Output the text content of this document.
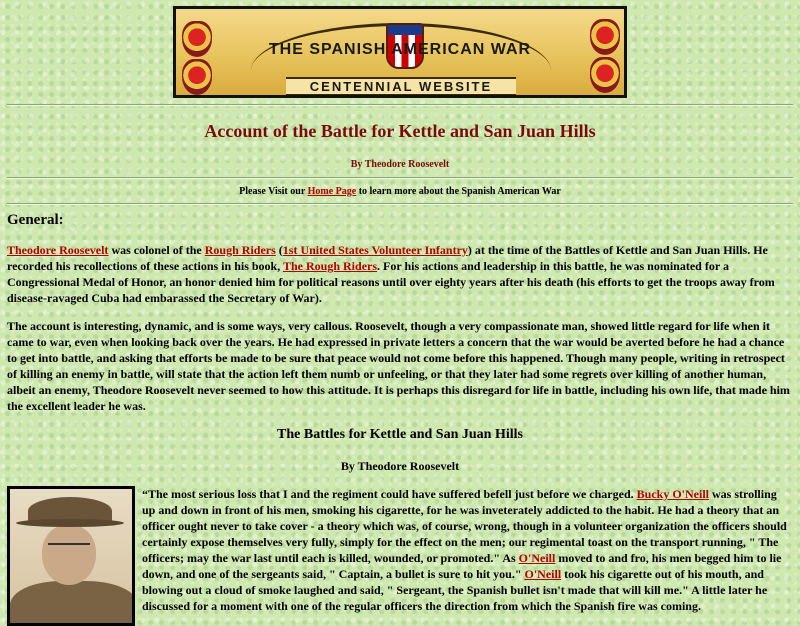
THE SPANISH AMERICAN WAR
CENTENNIAL WEBSITE
Account of the Battle for Kettle and San Juan Hills
By Theodore Roosevelt
Please Visit our Home Page to learn more about the Spanish American War
General:

Theodore Roosevelt was colonel of the Rough Riders (1st United States Volunteer Infantry) at the time of the Battles of Kettle and San Juan Hills. He recorded his recollections of these actions in his book, The Rough Riders. For his actions and leadership in this battle, he was nominated for a Congressional Medal of Honor, an honor denied him for political reasons until over eighty years after his death (his efforts to get the troops away from disease-ravaged Cuba had embarassed the Secretary of War).

The account is interesting, dynamic, and is some ways, very callous. Roosevelt, though a very compassionate man, showed little regard for life when it came to war, even when looking back over the years. He had expressed in private letters a concern that the war would be averted before he had a chance to get into battle, and asking that efforts be made to be sure that peace would not come before this happened. Though many people, writing in retrospect of killing an enemy in battle, will state that the action left them numb or unfeeling, or that they later had some regrets over killing of another human, albeit an enemy, Theodore Roosevelt never seemed to how this attitude. It is perhaps this disregard for life in battle, including his own life, that made him the excellent leader he was.

The Battles for Kettle and San Juan Hills
By Theodore Roosevelt

“The most serious loss that I and the regiment could have suffered befell just before we charged. Bucky O'Neill was strolling up and down in front of his men, smoking his cigarette, for he was inveterately addicted to the habit. He had a theory that an officer ought never to take cover - a theory which was, of course, wrong, though in a volunteer organization the officers should certainly expose themselves very fully, simply for the effect on the men; our regimental toast on the transport running, " The officers; may the war last until each is killed, wounded, or promoted." As O'Neill moved to and fro, his men begged him to lie down, and one of the sergeants said, " Captain, a bullet is sure to hit you." O'Neill took his cigarette out of his mouth, and blowing out a cloud of smoke laughed and said, " Sergeant, the Spanish bullet isn't made that will kill me." A little later he discussed for a moment with one of the regular officers the direction from which the Spanish fire was coming.
